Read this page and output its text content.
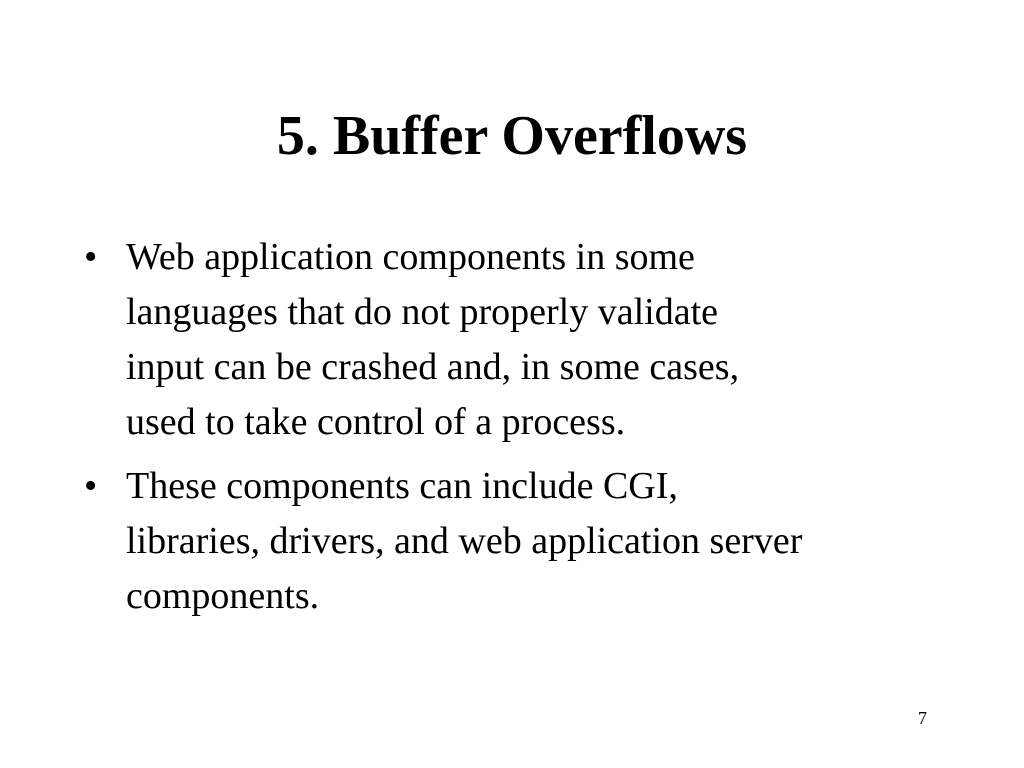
5. Buffer Overflows
• Web application components in some
languages that do not properly validate
input can be crashed and, in some cases,
used to take control of a process.
• These components can include CGI,
libraries, drivers, and web application server
components.
7
